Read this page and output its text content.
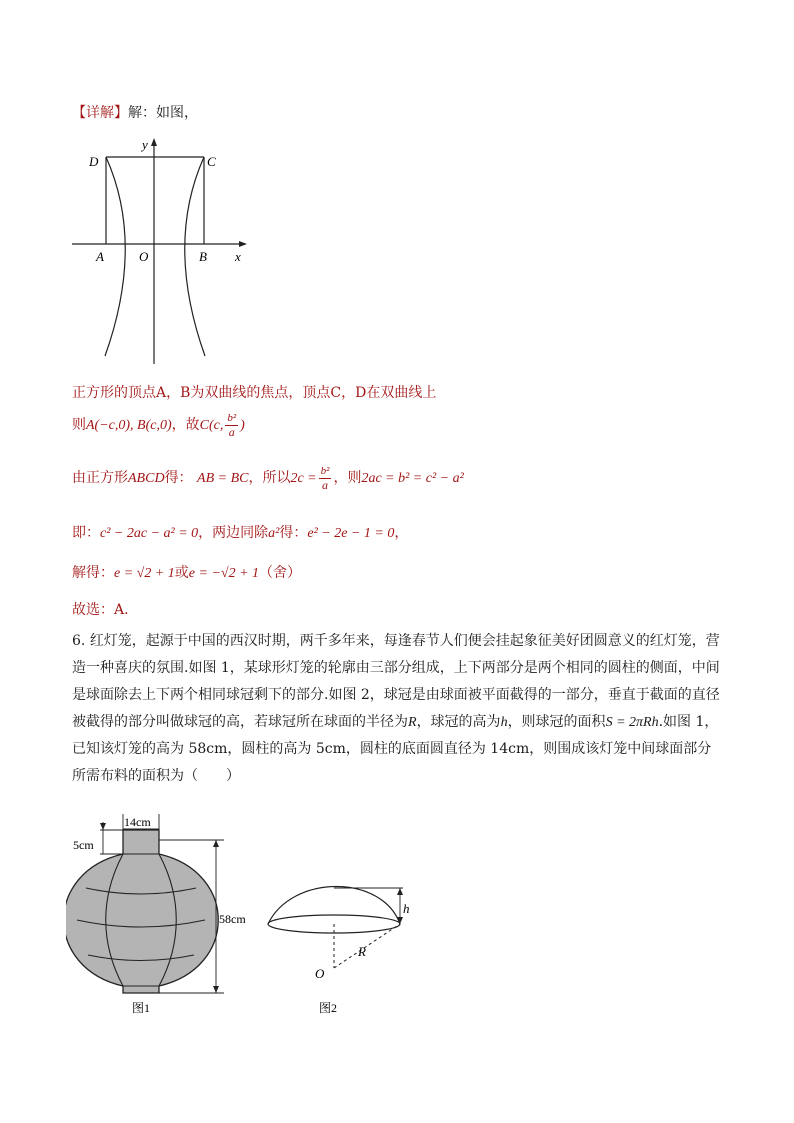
【详解】解：如图，
y
x
D	C
A	O	B
正方形的顶点A，B为双曲线的焦点，顶点C，D在双曲线上
则A(−c,0), B(c,0)，故C(c, $\frac{\text{b²}}{a}$ )
由正方形ABCD得： AB = BC，所以$2c = \frac{\text{b²}}{a}$ ，则2ac = b² = c² − a²
即：c² − 2ac − a² = 0，两边同除a²得：e² − 2e − 1 = 0，
解得：e = √2 + 1或e = −√2 + 1（舍）
故选：A.
6. 红灯笼，起源于中国的西汉时期，两千多年来，每逢春节人们便会挂起象征美好团圆意义的红灯笼，营造一种喜庆的氛围.如图 1，某球形灯笼的轮廓由三部分组成，上下两部分是两个相同的圆柱的侧面，中间是球面除去上下两个相同球冠剩下的部分.如图 2，球冠是由球面被平面截得的一部分，垂直于截面的直径被截得的部分叫做球冠的高，若球冠所在球面的半径为R，球冠的高为h，则球冠的面积S = 2πRh.如图 1，已知该灯笼的高为 58cm，圆柱的高为 5cm，圆柱的底面圆直径为 14cm，则围成该灯笼中间球面部分所需布料的面积为（　　）
14cm
5cm
58cm
图1
h
R
O
图2
